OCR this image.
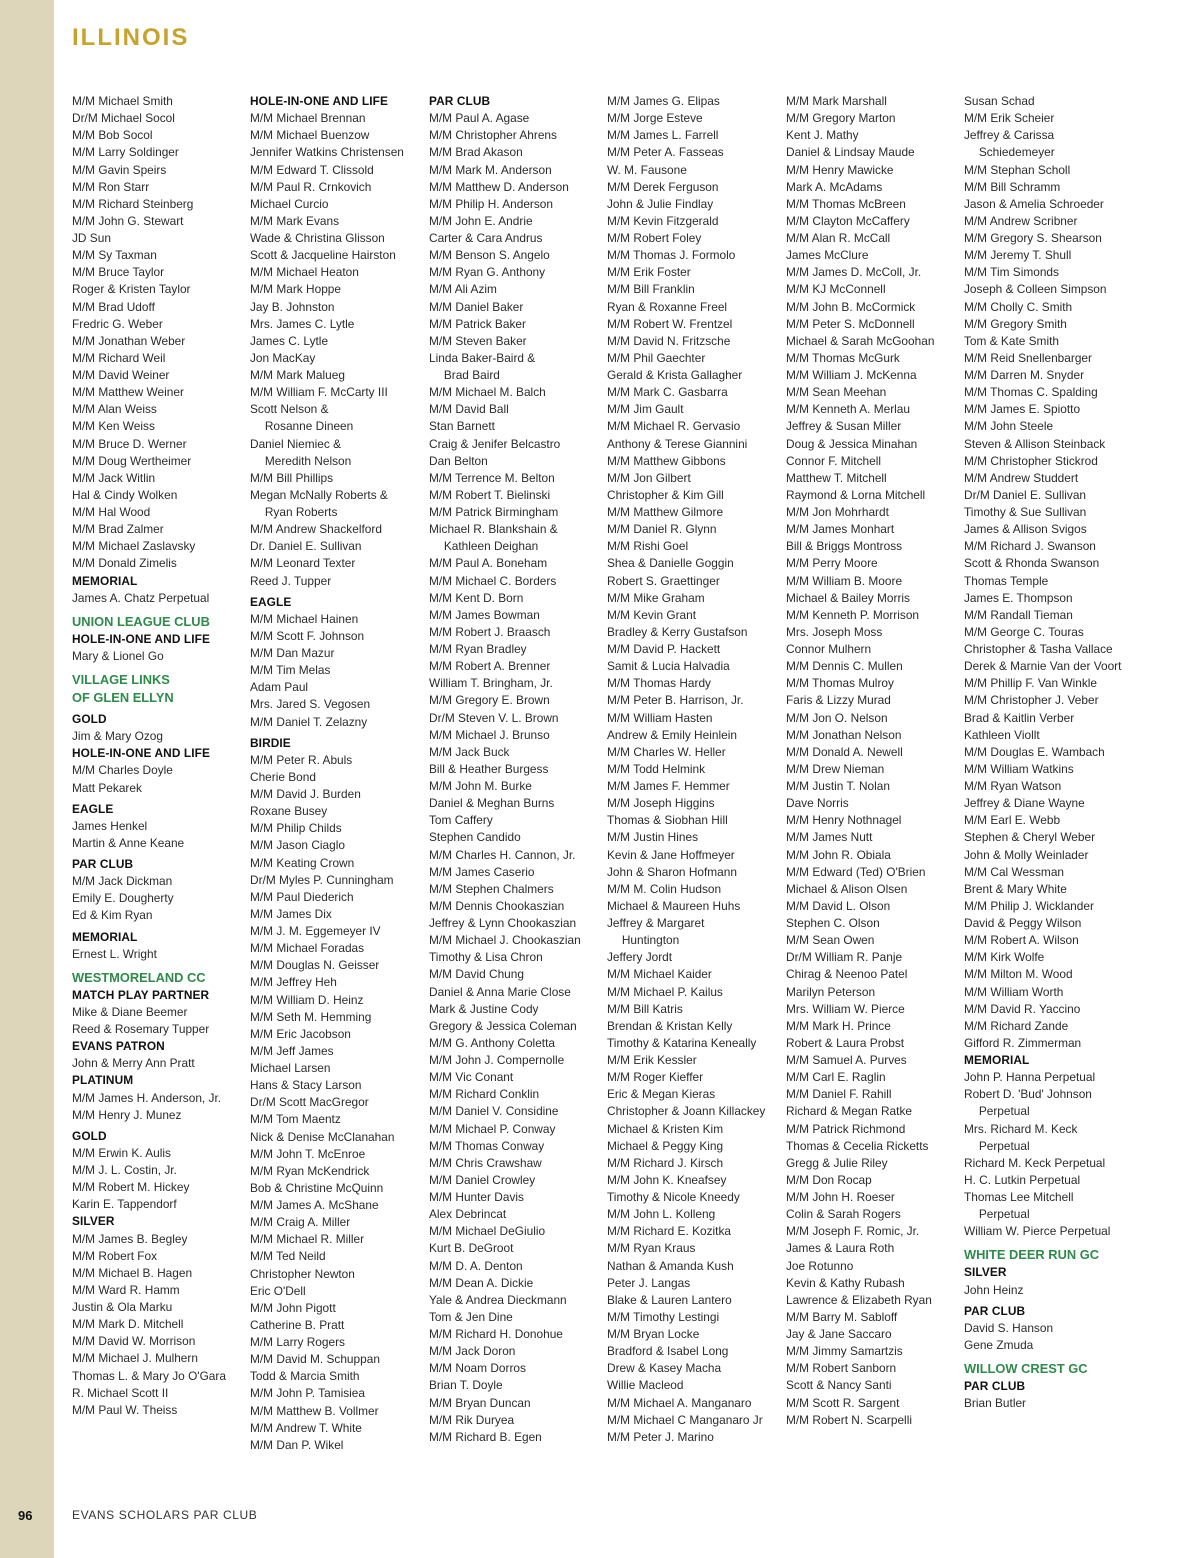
ILLINOIS
M/M Michael Smith
Dr/M Michael Socol
M/M Bob Socol
M/M Larry Soldinger
M/M Gavin Speirs
M/M Ron Starr
M/M Richard Steinberg
M/M John G. Stewart
JD Sun
M/M Sy Taxman
M/M Bruce Taylor
Roger & Kristen Taylor
M/M Brad Udoff
Fredric G. Weber
M/M Jonathan Weber
M/M Richard Weil
M/M David Weiner
M/M Matthew Weiner
M/M Alan Weiss
M/M Ken Weiss
M/M Bruce D. Werner
M/M Doug Wertheimer
M/M Jack Witlin
Hal & Cindy Wolken
M/M Hal Wood
M/M Brad Zalmer
M/M Michael Zaslavsky
M/M Donald Zimelis
MEMORIAL
James A. Chatz Perpetual
UNION LEAGUE CLUB
HOLE-IN-ONE AND LIFE
Mary & Lionel Go
VILLAGE LINKS
OF GLEN ELLYN
GOLD
Jim & Mary Ozog
HOLE-IN-ONE AND LIFE
M/M Charles Doyle
Matt Pekarek
EAGLE
James Henkel
Martin & Anne Keane
PAR CLUB
M/M Jack Dickman
Emily E. Dougherty
Ed & Kim Ryan
MEMORIAL
Ernest L. Wright
WESTMORELAND CC
MATCH PLAY PARTNER
Mike & Diane Beemer
Reed & Rosemary Tupper
EVANS PATRON
John & Merry Ann Pratt
PLATINUM
M/M James H. Anderson, Jr.
M/M Henry J. Munez
GOLD
M/M Erwin K. Aulis
M/M J. L. Costin, Jr.
M/M Robert M. Hickey
Karin E. Tappendorf
SILVER
M/M James B. Begley
M/M Robert Fox
M/M Michael B. Hagen
M/M Ward R. Hamm
Justin & Ola Marku
M/M Mark D. Mitchell
M/M David W. Morrison
M/M Michael J. Mulhern
Thomas L. & Mary Jo O'Gara
R. Michael Scott II
M/M Paul W. Theiss
HOLE-IN-ONE AND LIFE
M/M Michael Brennan
M/M Michael Buenzow
Jennifer Watkins Christensen
M/M Edward T. Clissold
M/M Paul R. Crnkovich
Michael Curcio
M/M Mark Evans
Wade & Christina Glisson
Scott & Jacqueline Hairston
M/M Michael Heaton
M/M Mark Hoppe
Jay B. Johnston
Mrs. James C. Lytle
James C. Lytle
Jon MacKay
M/M Mark Malueg
M/M William F. McCarty III
Scott Nelson &
Rosanne Dineen
Daniel Niemiec &
Meredith Nelson
M/M Bill Phillips
Megan McNally Roberts &
Ryan Roberts
M/M Andrew Shackelford
Dr. Daniel E. Sullivan
M/M Leonard Texter
Reed J. Tupper
EAGLE
M/M Michael Hainen
M/M Scott F. Johnson
M/M Dan Mazur
M/M Tim Melas
Adam Paul
Mrs. Jared S. Vegosen
M/M Daniel T. Zelazny
BIRDIE
M/M Peter R. Abuls
Cherie Bond
M/M David J. Burden
Roxane Busey
M/M Philip Childs
M/M Jason Ciaglo
M/M Keating Crown
Dr/M Myles P. Cunningham
M/M Paul Diederich
M/M James Dix
M/M J. M. Eggemeyer IV
M/M Michael Foradas
M/M Douglas N. Geisser
M/M Jeffrey Heh
M/M William D. Heinz
M/M Seth M. Hemming
M/M Eric Jacobson
M/M Jeff James
Michael Larsen
Hans & Stacy Larson
Dr/M Scott MacGregor
M/M Tom Maentz
Nick & Denise McClanahan
M/M John T. McEnroe
M/M Ryan McKendrick
Bob & Christine McQuinn
M/M James A. McShane
M/M Craig A. Miller
M/M Michael R. Miller
M/M Ted Neild
Christopher Newton
Eric O'Dell
M/M John Pigott
Catherine B. Pratt
M/M Larry Rogers
M/M David M. Schuppan
Todd & Marcia Smith
M/M John P. Tamisiea
M/M Matthew B. Vollmer
M/M Andrew T. White
M/M Dan P. Wikel
PAR CLUB
M/M Paul A. Agase
M/M Christopher Ahrens
M/M Brad Akason
M/M Mark M. Anderson
M/M Matthew D. Anderson
M/M Philip H. Anderson
M/M John E. Andrie
Carter & Cara Andrus
M/M Benson S. Angelo
M/M Ryan G. Anthony
M/M Ali Azim
M/M Daniel Baker
M/M Patrick Baker
M/M Steven Baker
Linda Baker-Baird &
Brad Baird
M/M Michael M. Balch
M/M David Ball
Stan Barnett
Craig & Jenifer Belcastro
Dan Belton
M/M Terrence M. Belton
M/M Robert T. Bielinski
M/M Patrick Birmingham
Michael R. Blankshain &
Kathleen Deighan
M/M Paul A. Boneham
M/M Michael C. Borders
M/M Kent D. Born
M/M James Bowman
M/M Robert J. Braasch
M/M Ryan Bradley
M/M Robert A. Brenner
William T. Bringham, Jr.
M/M Gregory E. Brown
Dr/M Steven V. L. Brown
M/M Michael J. Brunso
M/M Jack Buck
Bill & Heather Burgess
M/M John M. Burke
Daniel & Meghan Burns
Tom Caffery
Stephen Candido
M/M Charles H. Cannon, Jr.
M/M James Caserio
M/M Stephen Chalmers
M/M Dennis Chookaszian
Jeffrey & Lynn Chookaszian
M/M Michael J. Chookaszian
Timothy & Lisa Chron
M/M David Chung
Daniel & Anna Marie Close
Mark & Justine Cody
Gregory & Jessica Coleman
M/M G. Anthony Coletta
M/M John J. Compernolle
M/M Vic Conant
M/M Richard Conklin
M/M Daniel V. Considine
M/M Michael P. Conway
M/M Thomas Conway
M/M Chris Crawshaw
M/M Daniel Crowley
M/M Hunter Davis
Alex Debrincat
M/M Michael DeGiulio
Kurt B. DeGroot
M/M D. A. Denton
M/M Dean A. Dickie
Yale & Andrea Dieckmann
Tom & Jen Dine
M/M Richard H. Donohue
M/M Jack Doron
M/M Noam Dorros
Brian T. Doyle
M/M Bryan Duncan
M/M Rik Duryea
M/M Richard B. Egen
M/M James G. Elipas
M/M Jorge Esteve
M/M James L. Farrell
M/M Peter A. Fasseas
W. M. Fausone
M/M Derek Ferguson
John & Julie Findlay
M/M Kevin Fitzgerald
M/M Robert Foley
M/M Thomas J. Formolo
M/M Erik Foster
M/M Bill Franklin
Ryan & Roxanne Freel
M/M Robert W. Frentzel
M/M David N. Fritzsche
M/M Phil Gaechter
Gerald & Krista Gallagher
M/M Mark C. Gasbarra
M/M Jim Gault
M/M Michael R. Gervasio
Anthony & Terese Giannini
M/M Matthew Gibbons
M/M Jon Gilbert
Christopher & Kim Gill
M/M Matthew Gilmore
M/M Daniel R. Glynn
M/M Rishi Goel
Shea & Danielle Goggin
Robert S. Graettinger
M/M Mike Graham
M/M Kevin Grant
Bradley & Kerry Gustafson
M/M David P. Hackett
Samit & Lucia Halvadia
M/M Thomas Hardy
M/M Peter B. Harrison, Jr.
M/M William Hasten
Andrew & Emily Heinlein
M/M Charles W. Heller
M/M Todd Helmink
M/M James F. Hemmer
M/M Joseph Higgins
Thomas & Siobhan Hill
M/M Justin Hines
Kevin & Jane Hoffmeyer
John & Sharon Hofmann
M/M M. Colin Hudson
Michael & Maureen Huhs
Jeffrey & Margaret
Huntington
Jeffery Jordt
M/M Michael Kaider
M/M Michael P. Kailus
M/M Bill Katris
Brendan & Kristan Kelly
Timothy & Katarina Keneally
M/M Erik Kessler
M/M Roger Kieffer
Eric & Megan Kieras
Christopher & Joann Killackey
Michael & Kristen Kim
Michael & Peggy King
M/M Richard J. Kirsch
M/M John K. Kneafsey
Timothy & Nicole Kneedy
M/M John L. Kolleng
M/M Richard E. Kozitka
M/M Ryan Kraus
Nathan & Amanda Kush
Peter J. Langas
Blake & Lauren Lantero
M/M Timothy Lestingi
M/M Bryan Locke
Bradford & Isabel Long
Drew & Kasey Macha
Willie Macleod
M/M Michael A. Manganaro
M/M Michael C Manganaro Jr
M/M Peter J. Marino
M/M Mark Marshall
M/M Gregory Marton
Kent J. Mathy
Daniel & Lindsay Maude
M/M Henry Mawicke
Mark A. McAdams
M/M Thomas McBreen
M/M Clayton McCaffery
M/M Alan R. McCall
James McClure
M/M James D. McColl, Jr.
M/M KJ McConnell
M/M John B. McCormick
M/M Peter S. McDonnell
Michael & Sarah McGoohan
M/M Thomas McGurk
M/M William J. McKenna
M/M Sean Meehan
M/M Kenneth A. Merlau
Jeffrey & Susan Miller
Doug & Jessica Minahan
Connor F. Mitchell
Matthew T. Mitchell
Raymond & Lorna Mitchell
M/M Jon Mohrhardt
M/M James Monhart
Bill & Briggs Montross
M/M Perry Moore
M/M William B. Moore
Michael & Bailey Morris
M/M Kenneth P. Morrison
Mrs. Joseph Moss
Connor Mulhern
M/M Dennis C. Mullen
M/M Thomas Mulroy
Faris & Lizzy Murad
M/M Jon O. Nelson
M/M Jonathan Nelson
M/M Donald A. Newell
M/M Drew Nieman
M/M Justin T. Nolan
Dave Norris
M/M Henry Nothnagel
M/M James Nutt
M/M John R. Obiala
M/M Edward (Ted) O'Brien
Michael & Alison Olsen
M/M David L. Olson
Stephen C. Olson
M/M Sean Owen
Dr/M William R. Panje
Chirag & Neenoo Patel
Marilyn Peterson
Mrs. William W. Pierce
M/M Mark H. Prince
Robert & Laura Probst
M/M Samuel A. Purves
M/M Carl E. Raglin
M/M Daniel F. Rahill
Richard & Megan Ratke
M/M Patrick Richmond
Thomas & Cecelia Ricketts
Gregg & Julie Riley
M/M Don Rocap
M/M John H. Roeser
Colin & Sarah Rogers
M/M Joseph F. Romic, Jr.
James & Laura Roth
Joe Rotunno
Kevin & Kathy Rubash
Lawrence & Elizabeth Ryan
M/M Barry M. Sabloff
Jay & Jane Saccaro
M/M Jimmy Samartzis
M/M Robert Sanborn
Scott & Nancy Santi
M/M Scott R. Sargent
M/M Robert N. Scarpelli
Susan Schad
M/M Erik Scheier
Jeffrey & Carissa
Schiedemeyer
M/M Stephan Scholl
M/M Bill Schramm
Jason & Amelia Schroeder
M/M Andrew Scribner
M/M Gregory S. Shearson
M/M Jeremy T. Shull
M/M Tim Simonds
Joseph & Colleen Simpson
M/M Cholly C. Smith
M/M Gregory Smith
Tom & Kate Smith
M/M Reid Snellenbarger
M/M Darren M. Snyder
M/M Thomas C. Spalding
M/M James E. Spiotto
M/M John Steele
Steven & Allison Steinback
M/M Christopher Stickrod
M/M Andrew Studdert
Dr/M Daniel E. Sullivan
Timothy & Sue Sullivan
James & Allison Svigos
M/M Richard J. Swanson
Scott & Rhonda Swanson
Thomas Temple
James E. Thompson
M/M Randall Tieman
M/M George C. Touras
Christopher & Tasha Vallace
Derek & Marnie Van der Voort
M/M Phillip F. Van Winkle
M/M Christopher J. Veber
Brad & Kaitlin Verber
Kathleen Viollt
M/M Douglas E. Wambach
M/M William Watkins
M/M Ryan Watson
Jeffrey & Diane Wayne
M/M Earl E. Webb
Stephen & Cheryl Weber
John & Molly Weinlader
M/M Cal Wessman
Brent & Mary White
M/M Philip J. Wicklander
David & Peggy Wilson
M/M Robert A. Wilson
M/M Kirk Wolfe
M/M Milton M. Wood
M/M William Worth
M/M David R. Yaccino
M/M Richard Zande
Gifford R. Zimmerman
MEMORIAL
John P. Hanna Perpetual
Robert D. 'Bud' Johnson
Perpetual
Mrs. Richard M. Keck
Perpetual
Richard M. Keck Perpetual
H. C. Lutkin Perpetual
Thomas Lee Mitchell
Perpetual
William W. Pierce Perpetual
WHITE DEER RUN GC
SILVER
John Heinz
PAR CLUB
David S. Hanson
Gene Zmuda
WILLOW CREST GC
PAR CLUB
Brian Butler

96	EVANS SCHOLARS PAR CLUB
